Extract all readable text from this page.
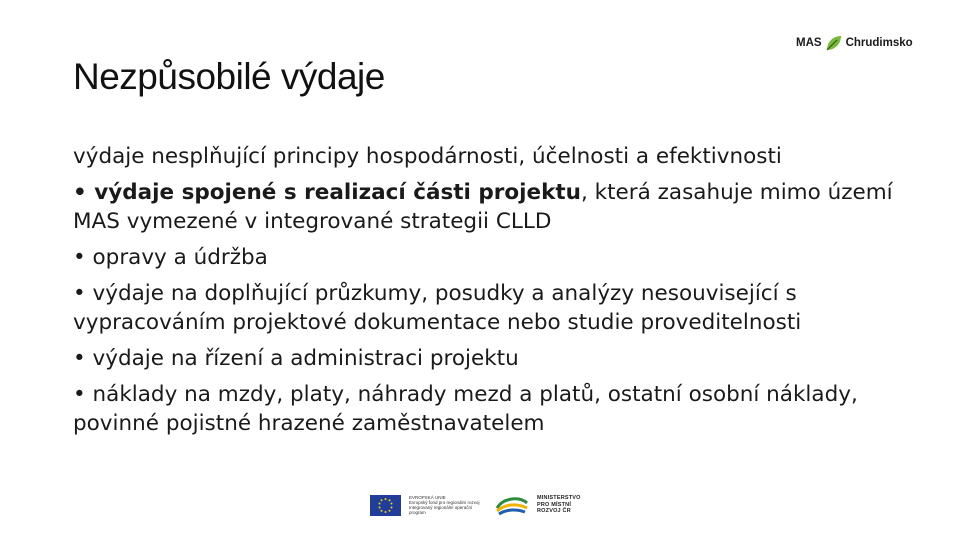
MAS Chrudimsko
Nezpůsobilé výdaje

výdaje nesplňující principy hospodárnosti, účelnosti a efektivnosti

• výdaje spojené s realizací části projektu, která zasahuje mimo území MAS vymezené v integrované strategii CLLD

• opravy a údržba

• výdaje na doplňující průzkumy, posudky a analýzy nesouvisející s vypracováním projektové dokumentace nebo studie proveditelnosti

• výdaje na řízení a administraci projektu

• náklady na mzdy, platy, náhrady mezd a platů, ostatní osobní náklady, povinné pojistné hrazené zaměstnavatelem

EVROPSKÁ UNIE
Evropský fond pro regionální rozvoj
Integrovaný regionální operační program
MINISTERSTVO
PRO MÍSTNÍ
ROZVOJ ČR
